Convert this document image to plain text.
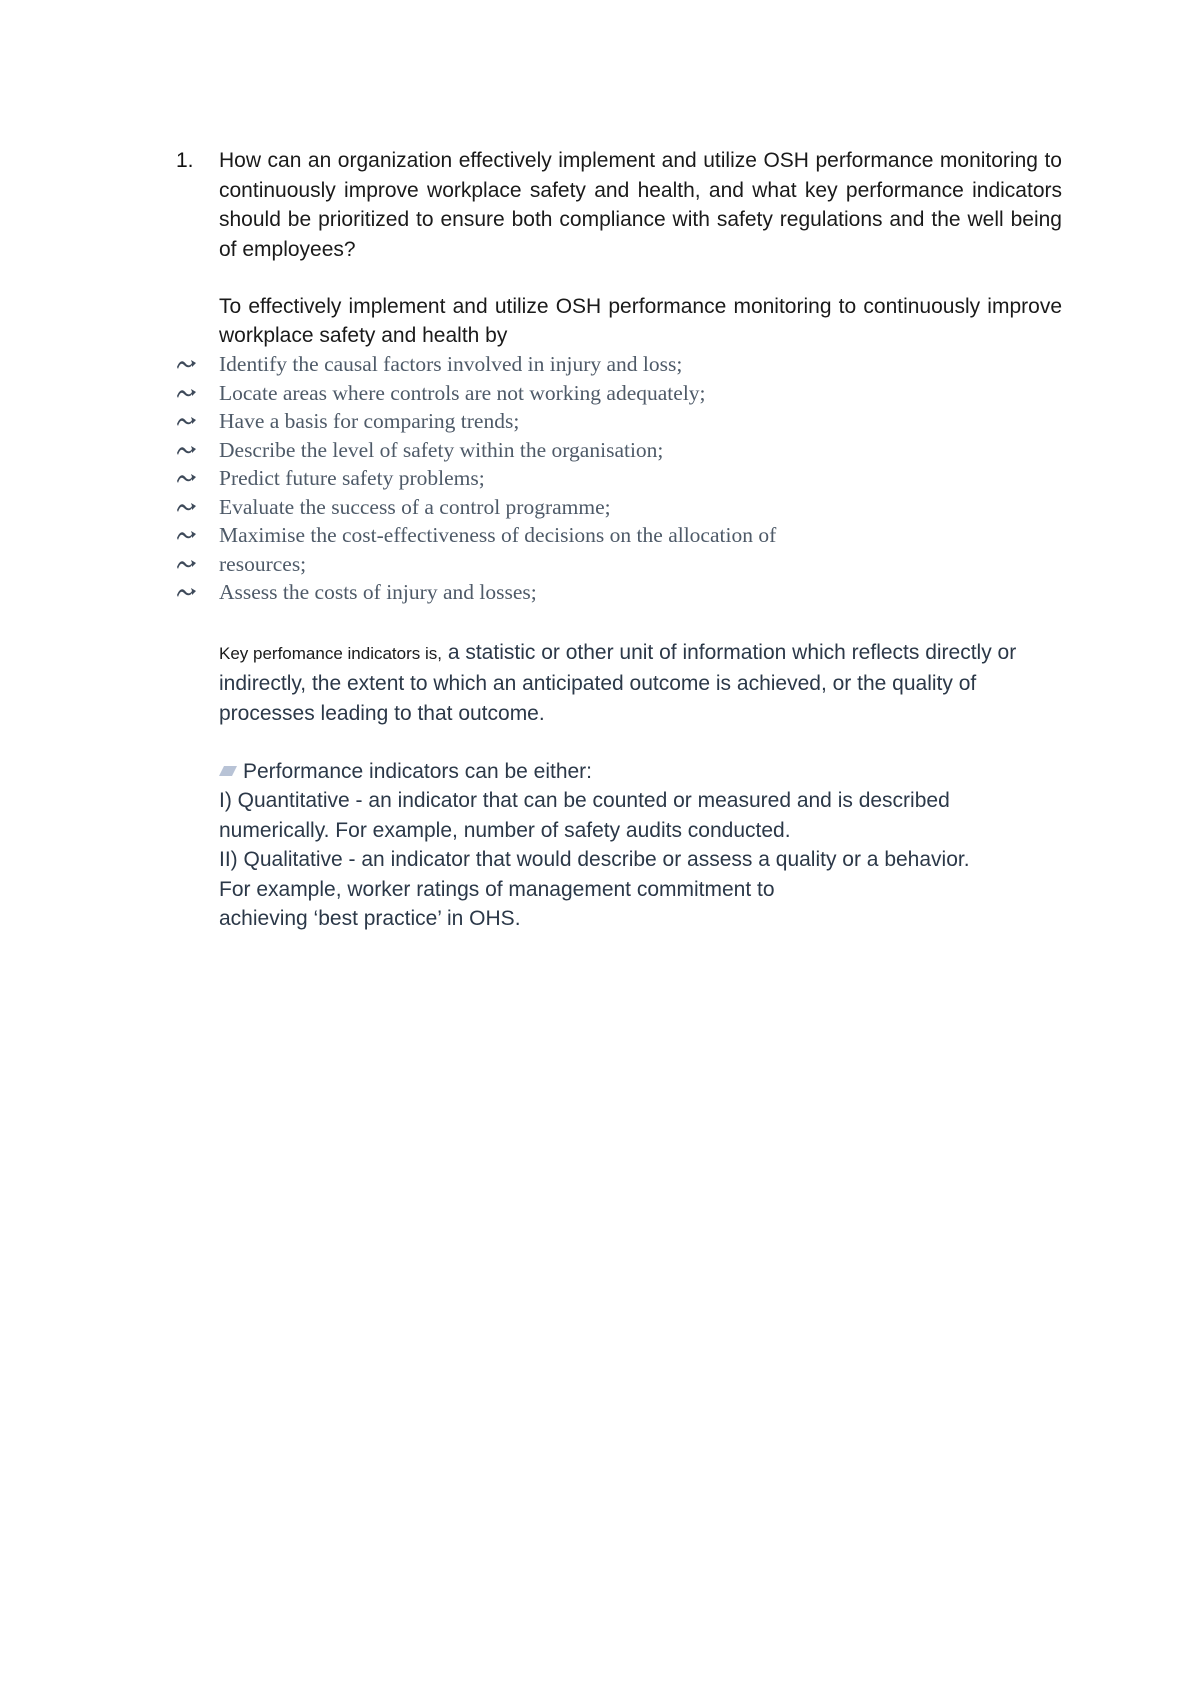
1. How can an organization effectively implement and utilize OSH performance monitoring to continuously improve workplace safety and health, and what key performance indicators should be prioritized to ensure both compliance with safety regulations and the well being of employees?
To effectively implement and utilize OSH performance monitoring to continuously improve workplace safety and health by
Identify the causal factors involved in injury and loss;
Locate areas where controls are not working adequately;
Have a basis for comparing trends;
Describe the level of safety within the organisation;
Predict future safety problems;
Evaluate the success of a control programme;
Maximise the cost-effectiveness of decisions on the allocation of
resources;
Assess the costs of injury and losses;
Key perfomance indicators is, a statistic or other unit of information which reflects directly or indirectly, the extent to which an anticipated outcome is achieved, or the quality of processes leading to that outcome.
Performance indicators can be either:
I) Quantitative - an indicator that can be counted or measured and is described
numerically. For example, number of safety audits conducted.
II) Qualitative - an indicator that would describe or assess a quality or a behavior.
For example, worker ratings of management commitment to
achieving ‘best practice’ in OHS.
